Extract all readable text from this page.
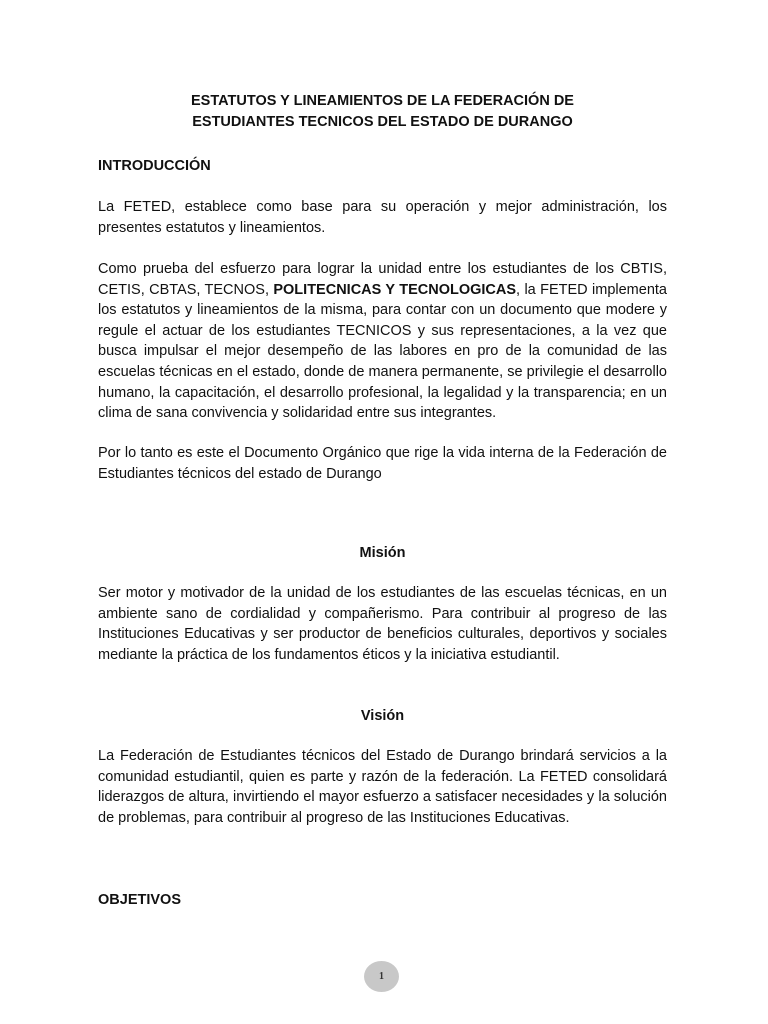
ESTATUTOS Y LINEAMIENTOS DE LA FEDERACIÓN DE
ESTUDIANTES TECNICOS DEL ESTADO DE DURANGO
INTRODUCCIÓN

La FETED, establece como base para su operación y mejor administración, los presentes estatutos y lineamientos.

Como prueba del esfuerzo para lograr la unidad entre los estudiantes de los CBTIS, CETIS, CBTAS, TECNOS, POLITECNICAS Y TECNOLOGICAS, la FETED implementa los estatutos y lineamientos de la misma, para contar con un documento que modere y regule el actuar de los estudiantes TECNICOS y sus representaciones, a la vez que busca impulsar el mejor desempeño de las labores en pro de la comunidad de las escuelas técnicas en el estado, donde de manera permanente, se privilegie el desarrollo humano, la capacitación, el desarrollo profesional, la legalidad y la transparencia; en un clima de sana convivencia y solidaridad entre sus integrantes.

Por lo tanto es este el Documento Orgánico que rige la vida interna de la Federación de Estudiantes técnicos del estado de Durango

Misión

Ser motor y motivador de la unidad de los estudiantes de las escuelas técnicas, en un ambiente sano de cordialidad y compañerismo. Para contribuir al progreso de las Instituciones Educativas y ser productor de beneficios culturales, deportivos y sociales mediante la práctica de los fundamentos éticos y la iniciativa estudiantil.

Visión

La Federación de Estudiantes técnicos del Estado de Durango brindará servicios a la comunidad estudiantil, quien es parte y razón de la federación. La FETED consolidará liderazgos de altura, invirtiendo el mayor esfuerzo a satisfacer necesidades y la solución de problemas, para contribuir al progreso de las Instituciones Educativas.

OBJETIVOS
1
